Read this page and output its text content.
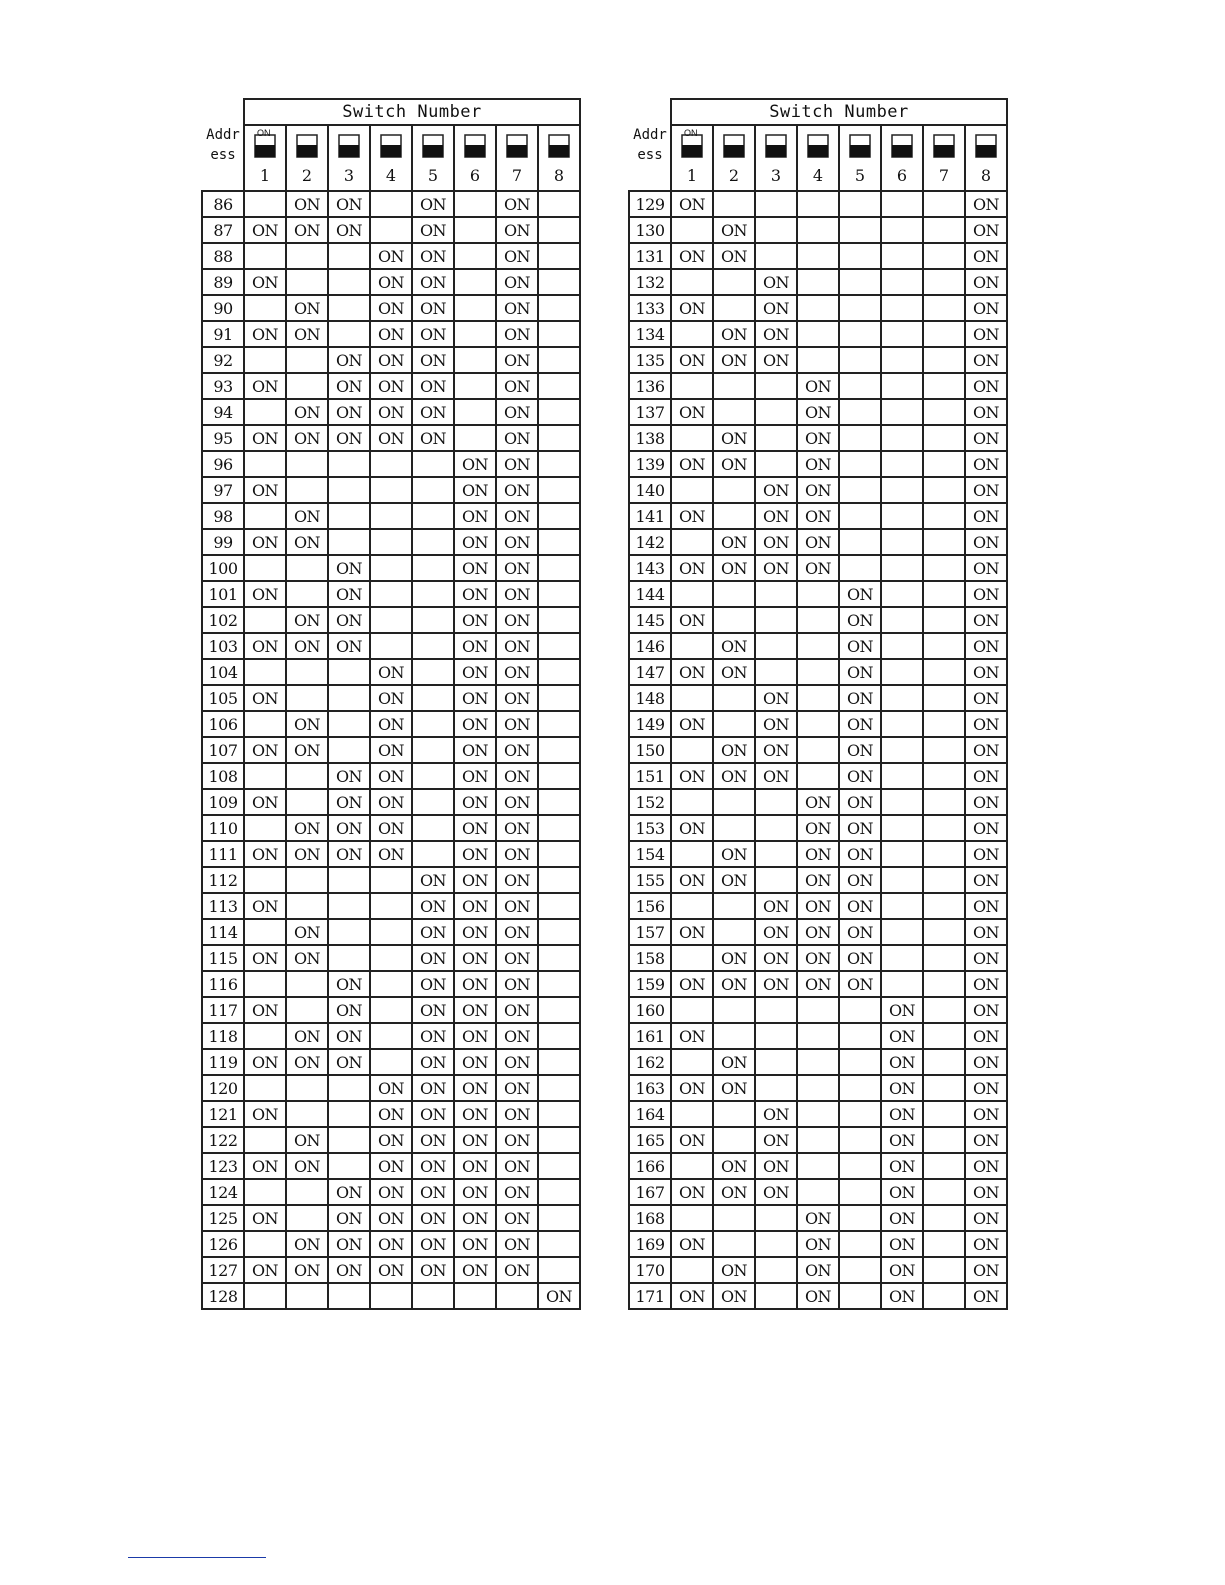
Addr
ess	Switch Number							

	ON
1	2	3	4	5	6	7	8

86		ON	ON		ON		ON	
87	ON	ON	ON		ON		ON	
88				ON	ON		ON	
89	ON			ON	ON		ON	
90		ON		ON	ON		ON	
91	ON	ON		ON	ON		ON	
92			ON	ON	ON		ON	
93	ON		ON	ON	ON		ON	
94		ON	ON	ON	ON		ON	
95	ON	ON	ON	ON	ON		ON	
96						ON	ON	
97	ON					ON	ON	
98		ON				ON	ON	
99	ON	ON				ON	ON	
100			ON			ON	ON	
101	ON		ON			ON	ON	
102		ON	ON			ON	ON	
103	ON	ON	ON			ON	ON	
104				ON		ON	ON	
105	ON			ON		ON	ON	
106		ON		ON		ON	ON	
107	ON	ON		ON		ON	ON	
108			ON	ON		ON	ON	
109	ON		ON	ON		ON	ON	
110		ON	ON	ON		ON	ON	
111	ON	ON	ON	ON		ON	ON	
112					ON	ON	ON	
113	ON				ON	ON	ON	
114		ON			ON	ON	ON	
115	ON	ON			ON	ON	ON	
116			ON		ON	ON	ON	
117	ON		ON		ON	ON	ON	
118		ON	ON		ON	ON	ON	
119	ON	ON	ON		ON	ON	ON	
120				ON	ON	ON	ON	
121	ON			ON	ON	ON	ON	
122		ON		ON	ON	ON	ON	
123	ON	ON		ON	ON	ON	ON	
124			ON	ON	ON	ON	ON	
125	ON		ON	ON	ON	ON	ON	
126		ON	ON	ON	ON	ON	ON	
127	ON	ON	ON	ON	ON	ON	ON	
128								ON
Addr
ess	Switch Number							

	ON
1	2	3	4	5	6	7	8

129	ON							ON
130		ON						ON
131	ON	ON						ON
132			ON					ON
133	ON		ON					ON
134		ON	ON					ON
135	ON	ON	ON					ON
136				ON				ON
137	ON			ON				ON
138		ON		ON				ON
139	ON	ON		ON				ON
140			ON	ON				ON
141	ON		ON	ON				ON
142		ON	ON	ON				ON
143	ON	ON	ON	ON				ON
144					ON			ON
145	ON				ON			ON
146		ON			ON			ON
147	ON	ON			ON			ON
148			ON		ON			ON
149	ON		ON		ON			ON
150		ON	ON		ON			ON
151	ON	ON	ON		ON			ON
152				ON	ON			ON
153	ON			ON	ON			ON
154		ON		ON	ON			ON
155	ON	ON		ON	ON			ON
156			ON	ON	ON			ON
157	ON		ON	ON	ON			ON
158		ON	ON	ON	ON			ON
159	ON	ON	ON	ON	ON			ON
160						ON		ON
161	ON					ON		ON
162		ON				ON		ON
163	ON	ON				ON		ON
164			ON			ON		ON
165	ON		ON			ON		ON
166		ON	ON			ON		ON
167	ON	ON	ON			ON		ON
168				ON		ON		ON
169	ON			ON		ON		ON
170		ON		ON		ON		ON
171	ON	ON		ON		ON		ON
